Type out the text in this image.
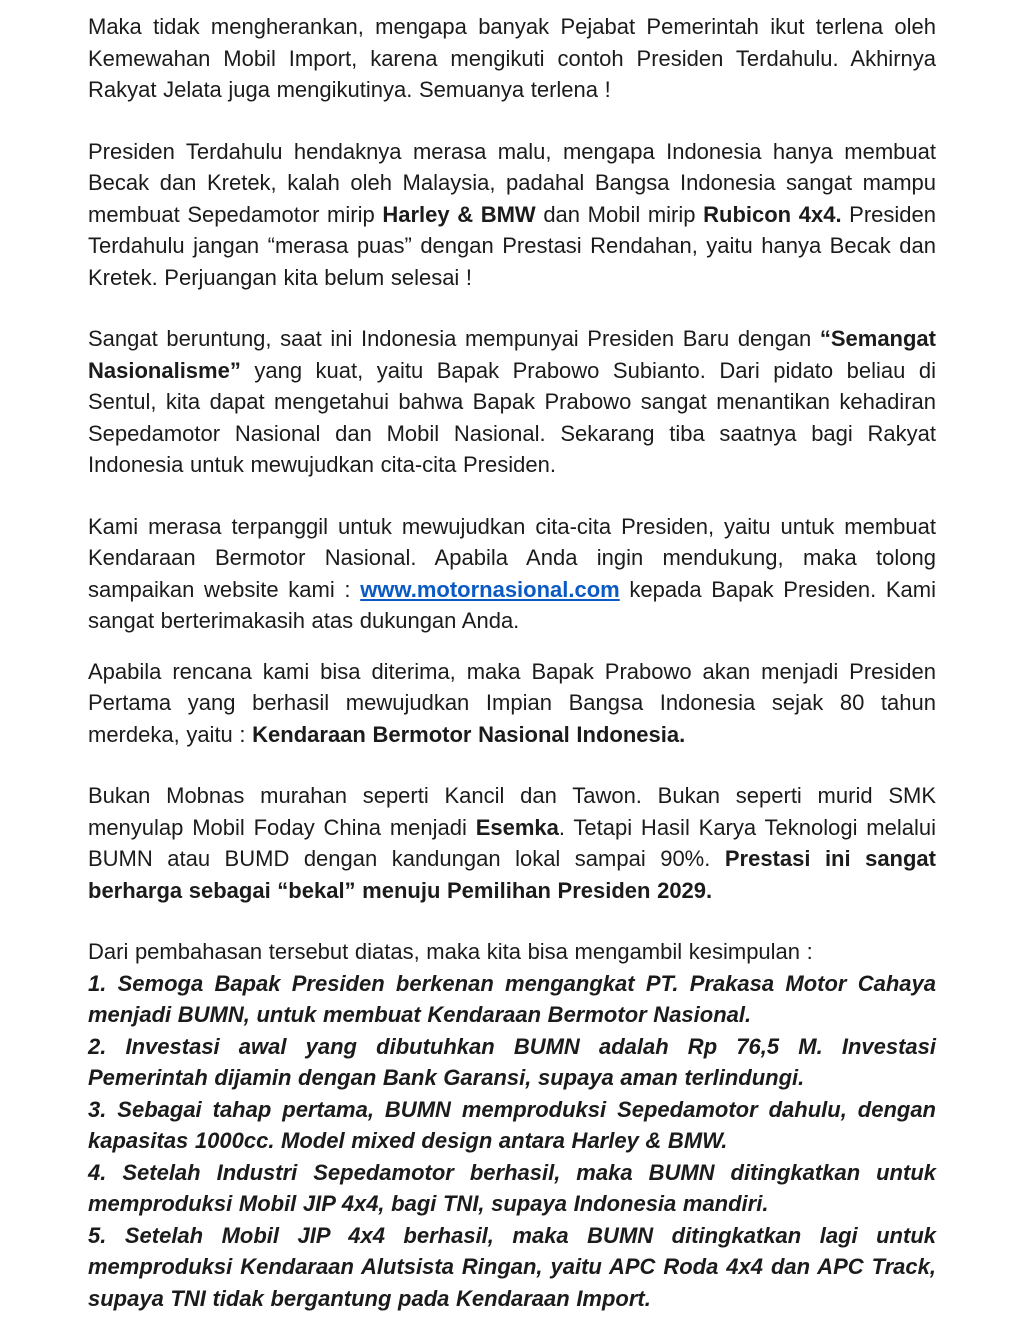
Maka tidak mengherankan, mengapa banyak Pejabat Pemerintah ikut terlena oleh Kemewahan Mobil Import, karena mengikuti contoh Presiden Terdahulu. Akhirnya Rakyat Jelata juga mengikutinya. Semuanya terlena !

Presiden Terdahulu hendaknya merasa malu, mengapa Indonesia hanya membuat Becak dan Kretek, kalah oleh Malaysia, padahal Bangsa Indonesia sangat mampu membuat Sepedamotor mirip Harley & BMW dan Mobil mirip Rubicon 4x4. Presiden Terdahulu jangan “merasa puas” dengan Prestasi Rendahan, yaitu hanya Becak dan Kretek. Perjuangan kita belum selesai !

Sangat beruntung, saat ini Indonesia mempunyai Presiden Baru dengan “Semangat Nasionalisme” yang kuat, yaitu Bapak Prabowo Subianto. Dari pidato beliau di Sentul, kita dapat mengetahui bahwa Bapak Prabowo sangat menantikan kehadiran Sepedamotor Nasional dan Mobil Nasional. Sekarang tiba saatnya bagi Rakyat Indonesia untuk mewujudkan cita-cita Presiden.

Kami merasa terpanggil untuk mewujudkan cita-cita Presiden, yaitu untuk membuat Kendaraan Bermotor Nasional. Apabila Anda ingin mendukung, maka tolong sampaikan website kami : www.motornasional.com kepada Bapak Presiden. Kami sangat berterimakasih atas dukungan Anda.

Apabila rencana kami bisa diterima, maka Bapak Prabowo akan menjadi Presiden Pertama yang berhasil mewujudkan Impian Bangsa Indonesia sejak 80 tahun merdeka, yaitu : Kendaraan Bermotor Nasional Indonesia.

Bukan Mobnas murahan seperti Kancil dan Tawon. Bukan seperti murid SMK menyulap Mobil Foday China menjadi Esemka. Tetapi Hasil Karya Teknologi melalui BUMN atau BUMD dengan kandungan lokal sampai 90%. Prestasi ini sangat berharga sebagai “bekal” menuju Pemilihan Presiden 2029.

Dari pembahasan tersebut diatas, maka kita bisa mengambil kesimpulan :

1. Semoga Bapak Presiden berkenan mengangkat PT. Prakasa Motor Cahaya menjadi BUMN, untuk membuat Kendaraan Bermotor Nasional.

2. Investasi awal yang dibutuhkan BUMN adalah Rp 76,5 M. Investasi Pemerintah dijamin dengan Bank Garansi, supaya aman terlindungi.

3. Sebagai tahap pertama, BUMN memproduksi Sepedamotor dahulu, dengan kapasitas 1000cc. Model mixed design antara Harley & BMW.

4. Setelah Industri Sepedamotor berhasil, maka BUMN ditingkatkan untuk memproduksi Mobil JIP 4x4, bagi TNI, supaya Indonesia mandiri.

5. Setelah Mobil JIP 4x4 berhasil, maka BUMN ditingkatkan lagi untuk memproduksi Kendaraan Alutsista Ringan, yaitu APC Roda 4x4 dan APC Track, supaya TNI tidak bergantung pada Kendaraan Import.
